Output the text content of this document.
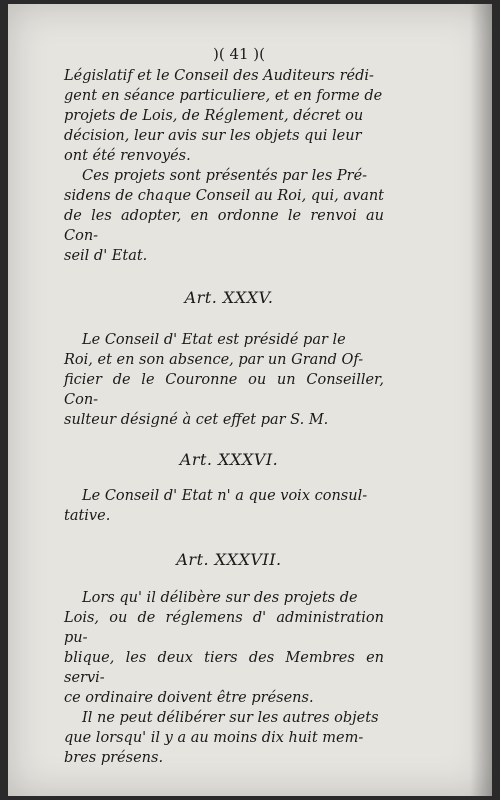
)( 41 )(
Législatif et le Conseil des Auditeurs rédi-
gent en séance particuliere, et en forme de
projets de Lois, de Réglement, décret ou
décision, leur avis sur les objets qui leur
ont été renvoyés.
Ces projets sont présentés par les Pré-
sidens de chaque Conseil au Roi, qui, avant
de les adopter, en ordonne le renvoi au Con-
seil d' Etat.
Art. XXXV.
Le Conseil d' Etat est présidé par le
Roi, et en son absence, par un Grand Of-
ficier de le Couronne ou un Conseiller, Con-
sulteur désigné à cet effet par S. M.
Art. XXXVI.
Le Conseil d' Etat n' a que voix consul-
tative.
Art. XXXVII.
Lors qu' il délibère sur des projets de
Lois, ou de réglemens d' administration pu-
blique, les deux tiers des Membres en servi-
ce ordinaire doivent être présens.
Il ne peut délibérer sur les autres objets
que lorsqu' il y a au moins dix huit mem-
bres présens.
